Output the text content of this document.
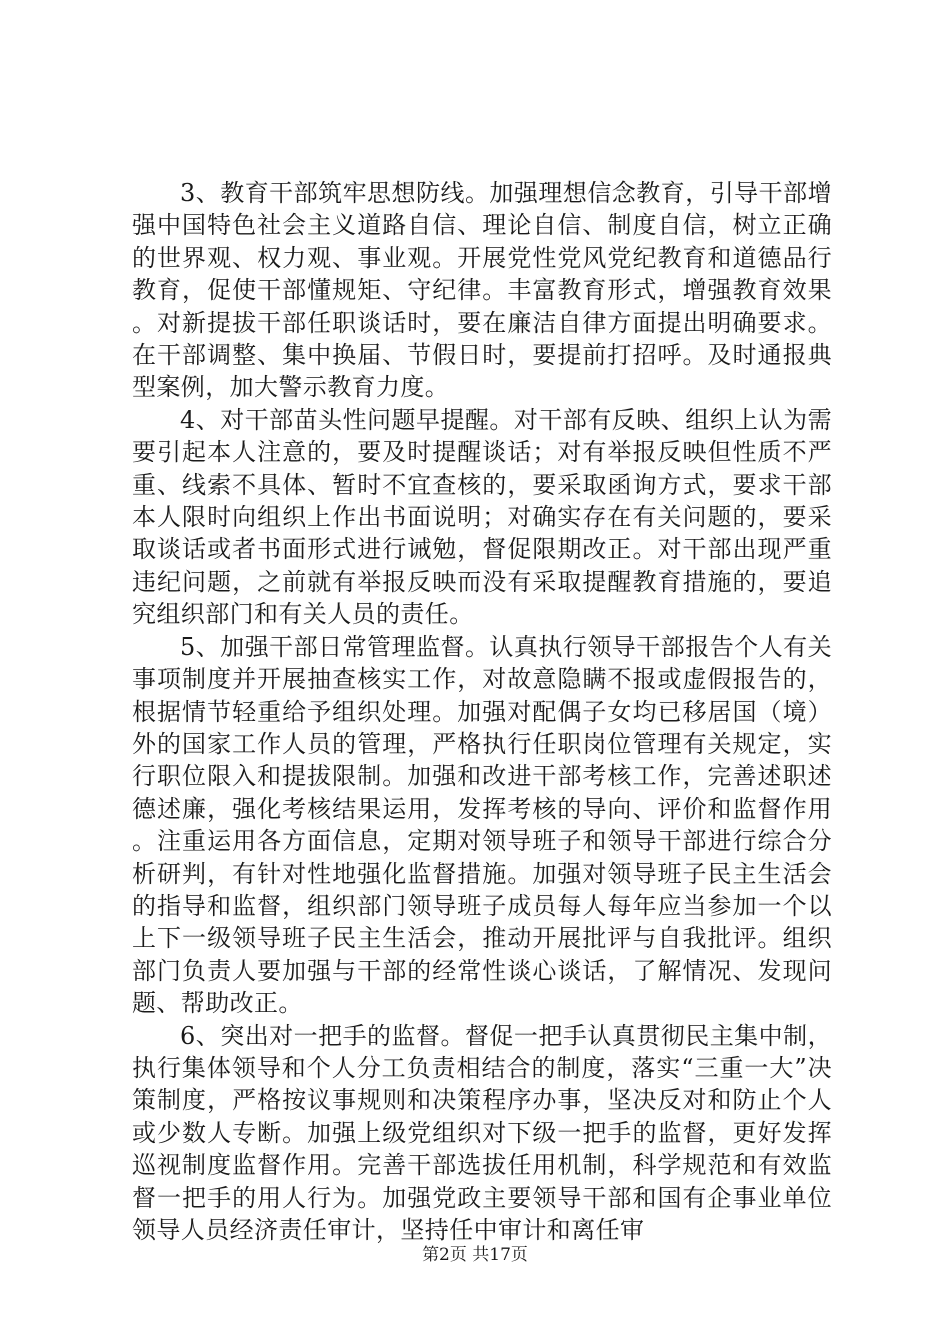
3、教育干部筑牢思想防线。加强理想信念教育，引导干部增强中国特色社会主义道路自信、理论自信、制度自信，树立正确的世界观、权力观、事业观。开展党性党风党纪教育和道德品行教育，促使干部懂规矩、守纪律。丰富教育形式，增强教育效果。对新提拔干部任职谈话时，要在廉洁自律方面提出明确要求。在干部调整、集中换届、节假日时，要提前打招呼。及时通报典型案例，加大警示教育力度。

4、对干部苗头性问题早提醒。对干部有反映、组织上认为需要引起本人注意的，要及时提醒谈话；对有举报反映但性质不严重、线索不具体、暂时不宜查核的，要采取函询方式，要求干部本人限时向组织上作出书面说明；对确实存在有关问题的，要采取谈话或者书面形式进行诫勉，督促限期改正。对干部出现严重违纪问题，之前就有举报反映而没有采取提醒教育措施的，要追究组织部门和有关人员的责任。

5、加强干部日常管理监督。认真执行领导干部报告个人有关事项制度并开展抽查核实工作，对故意隐瞒不报或虚假报告的，根据情节轻重给予组织处理。加强对配偶子女均已移居国（境）外的国家工作人员的管理，严格执行任职岗位管理有关规定，实行职位限入和提拔限制。加强和改进干部考核工作，完善述职述德述廉，强化考核结果运用，发挥考核的导向、评价和监督作用。注重运用各方面信息，定期对领导班子和领导干部进行综合分析研判，有针对性地强化监督措施。加强对领导班子民主生活会的指导和监督，组织部门领导班子成员每人每年应当参加一个以上下一级领导班子民主生活会，推动开展批评与自我批评。组织部门负责人要加强与干部的经常性谈心谈话，了解情况、发现问题、帮助改正。

6、突出对一把手的监督。督促一把手认真贯彻民主集中制，执行集体领导和个人分工负责相结合的制度，落实“三重一大”决策制度，严格按议事规则和决策程序办事，坚决反对和防止个人或少数人专断。加强上级党组织对下级一把手的监督，更好发挥巡视制度监督作用。完善干部选拔任用机制，科学规范和有效监督一把手的用人行为。加强党政主要领导干部和国有企事业单位领导人员经济责任审计，坚持任中审计和离任审

第2页 共17页
